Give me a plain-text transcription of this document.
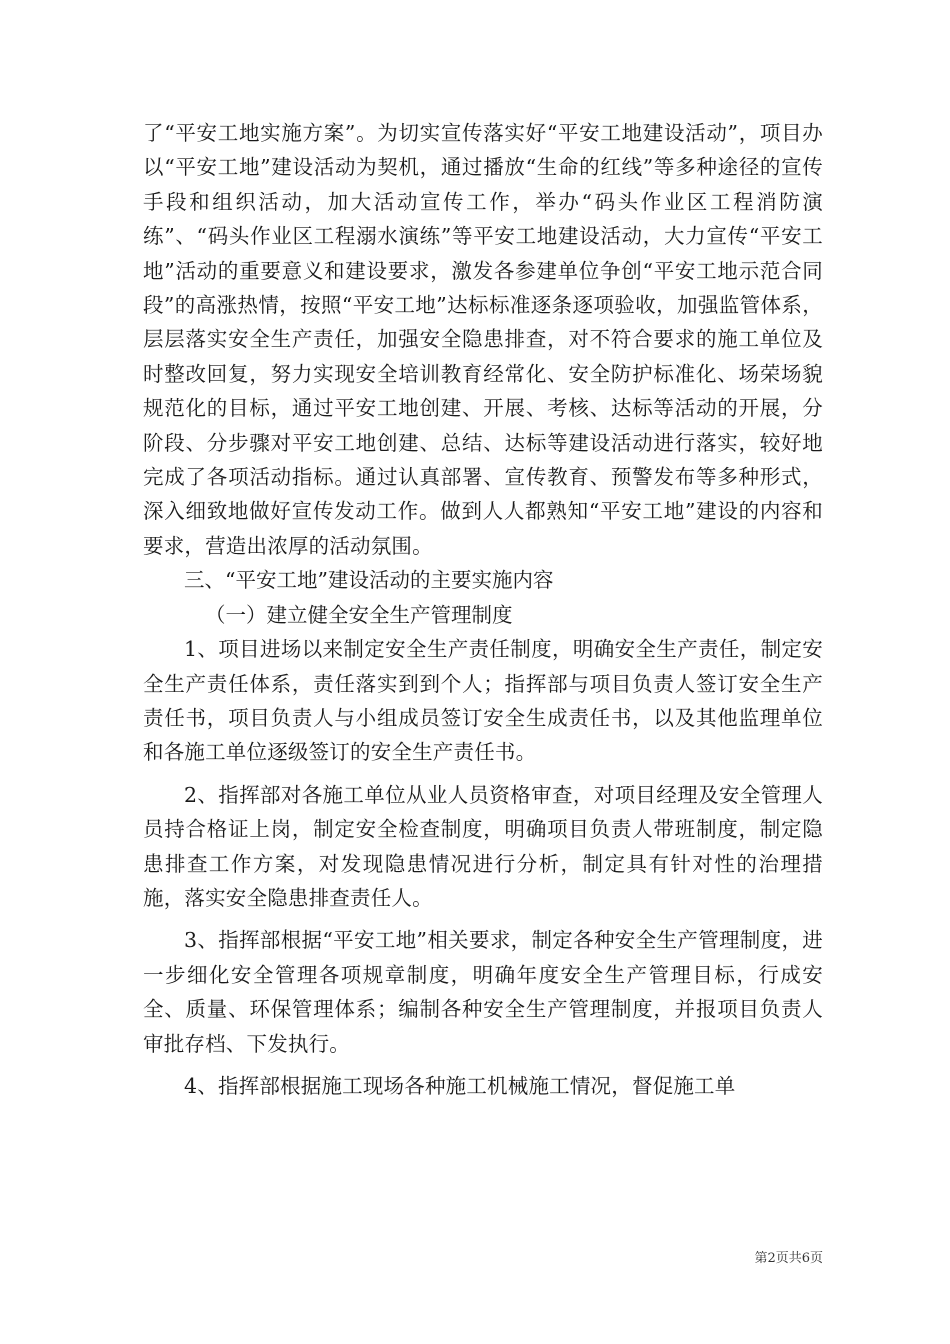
了“平安工地实施方案”。为切实宣传落实好“平安工地建设活动”，项目办以“平安工地”建设活动为契机，通过播放“生命的红线”等多种途径的宣传手段和组织活动，加大活动宣传工作，举办“码头作业区工程消防演练”、“码头作业区工程溺水演练”等平安工地建设活动，大力宣传“平安工地”活动的重要意义和建设要求，激发各参建单位争创“平安工地示范合同段”的高涨热情，按照“平安工地”达标标准逐条逐项验收，加强监管体系，层层落实安全生产责任，加强安全隐患排查，对不符合要求的施工单位及时整改回复，努力实现安全培训教育经常化、安全防护标准化、场荣场貌规范化的目标，通过平安工地创建、开展、考核、达标等活动的开展，分阶段、分步骤对平安工地创建、总结、达标等建设活动进行落实，较好地完成了各项活动指标。通过认真部署、宣传教育、预警发布等多种形式，深入细致地做好宣传发动工作。做到人人都熟知“平安工地”建设的内容和要求，营造出浓厚的活动氛围。

三、“平安工地”建设活动的主要实施内容

（一）建立健全安全生产管理制度

1、项目进场以来制定安全生产责任制度，明确安全生产责任，制定安全生产责任体系，责任落实到到个人；指挥部与项目负责人签订安全生产责任书，项目负责人与小组成员签订安全生成责任书，以及其他监理单位和各施工单位逐级签订的安全生产责任书。

2、指挥部对各施工单位从业人员资格审查，对项目经理及安全管理人员持合格证上岗，制定安全检查制度，明确项目负责人带班制度，制定隐患排查工作方案，对发现隐患情况进行分析，制定具有针对性的治理措施，落实安全隐患排查责任人。

3、指挥部根据“平安工地”相关要求，制定各种安全生产管理制度，进一步细化安全管理各项规章制度，明确年度安全生产管理目标，行成安全、质量、环保管理体系；编制各种安全生产管理制度，并报项目负责人审批存档、下发执行。

4、指挥部根据施工现场各种施工机械施工情况，督促施工单

第2页共6页
